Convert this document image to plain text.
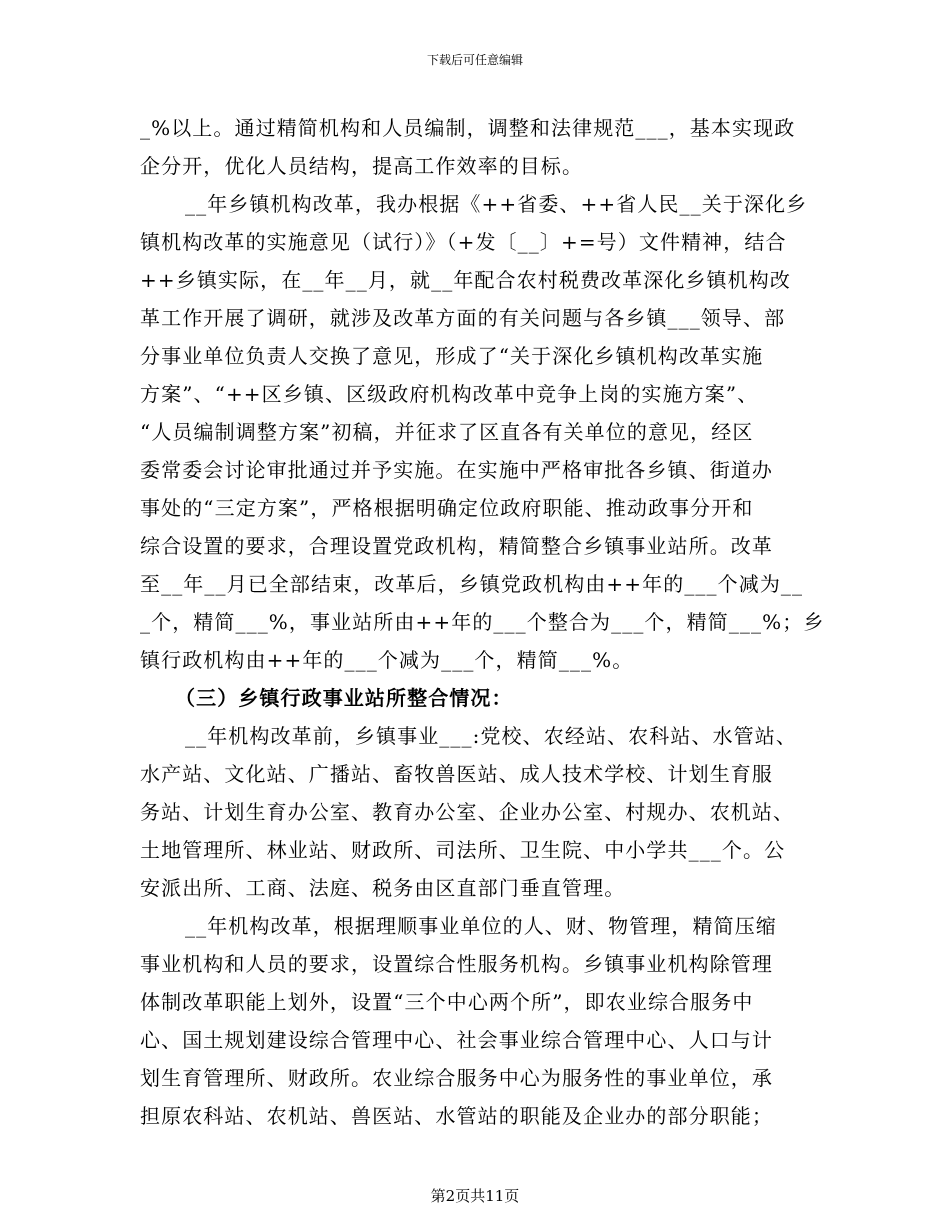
下载后可任意编辑
_%以上。通过精简机构和人员编制，调整和法律规范___，基本实现政
企分开，优化人员结构，提高工作效率的目标。
__年乡镇机构改革，我办根据《++省委、++省人民__关于深化乡
镇机构改革的实施意见（试行）》（+发〔__〕+=号）文件精神，结合
++乡镇实际，在__年__月，就__年配合农村税费改革深化乡镇机构改
革工作开展了调研，就涉及改革方面的有关问题与各乡镇___领导、部
分事业单位负责人交换了意见，形成了“关于深化乡镇机构改革实施
方案”、“++区乡镇、区级政府机构改革中竞争上岗的实施方案”、
“人员编制调整方案”初稿，并征求了区直各有关单位的意见，经区
委常委会讨论审批通过并予实施。在实施中严格审批各乡镇、街道办
事处的“三定方案”，严格根据明确定位政府职能、推动政事分开和
综合设置的要求，合理设置党政机构，精简整合乡镇事业站所。改革
至__年__月已全部结束，改革后，乡镇党政机构由++年的___个减为__
_个，精简___%，事业站所由++年的___个整合为___个，精简___%；乡
镇行政机构由++年的___个减为___个，精简___%。
（三）乡镇行政事业站所整合情况：
__年机构改革前，乡镇事业___:党校、农经站、农科站、水管站、
水产站、文化站、广播站、畜牧兽医站、成人技术学校、计划生育服
务站、计划生育办公室、教育办公室、企业办公室、村规办、农机站、
土地管理所、林业站、财政所、司法所、卫生院、中小学共___个。公
安派出所、工商、法庭、税务由区直部门垂直管理。
__年机构改革，根据理顺事业单位的人、财、物管理，精简压缩
事业机构和人员的要求，设置综合性服务机构。乡镇事业机构除管理
体制改革职能上划外，设置“三个中心两个所”，即农业综合服务中
心、国土规划建设综合管理中心、社会事业综合管理中心、人口与计
划生育管理所、财政所。农业综合服务中心为服务性的事业单位，承
担原农科站、农机站、兽医站、水管站的职能及企业办的部分职能；
第2页共11页
